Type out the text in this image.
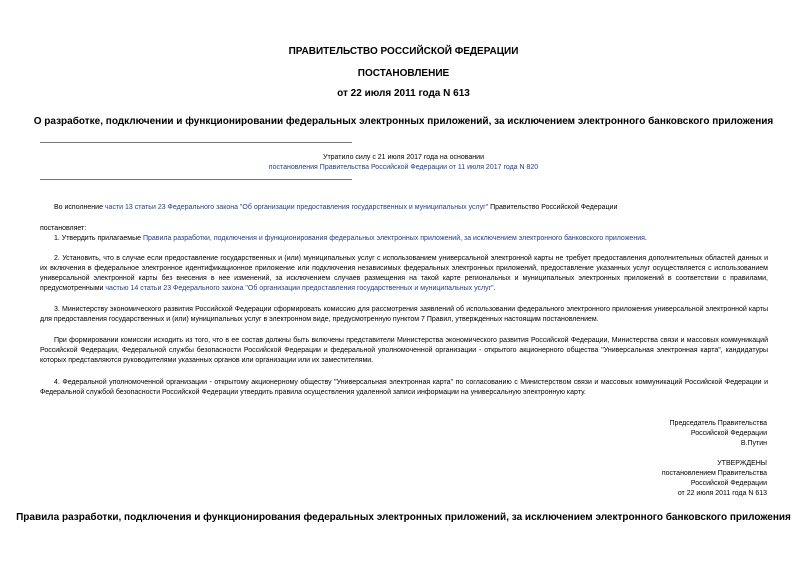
ПРАВИТЕЛЬСТВО РОССИЙСКОЙ ФЕДЕРАЦИИ
ПОСТАНОВЛЕНИЕ
от 22 июля 2011 года N 613
О разработке, подключении и функционировании федеральных электронных приложений, за исключением электронного банковского приложения
Утратило силу с 21 июля 2017 года на основании
постановления Правительства Российской Федерации от 11 июля 2017 года N 820
Во исполнение части 13 статьи 23 Федерального закона "Об организации предоставления государственных и муниципальных услуг" Правительство Российской Федерации
постановляет:
1. Утвердить прилагаемые Правила разработки, подключения и функционирования федеральных электронных приложений, за исключением электронного банковского приложения.
2. Установить, что в случае если предоставление государственных и (или) муниципальных услуг с использованием универсальной электронной карты не требует предоставления дополнительных областей данных и их включения в федеральное электронное идентификационное приложение или подключения независимых федеральных электронных приложений, предоставление указанных услуг осуществляется с использованием универсальной электронной карты без внесения в нее изменений, за исключением случаев размещения на такой карте региональных и муниципальных электронных приложений в соответствии с правилами, предусмотренными частью 14 статьи 23 Федерального закона "Об организации предоставления государственных и муниципальных услуг".
3. Министерству экономического развития Российской Федерации сформировать комиссию для рассмотрения заявлений об использовании федерального электронного приложения универсальной электронной карты для предоставления государственных и (или) муниципальных услуг в электронном виде, предусмотренную пунктом 7 Правил, утвержденных настоящим постановлением.
При формировании комиссии исходить из того, что в ее состав должны быть включены представители Министерства экономического развития Российской Федерации, Министерства связи и массовых коммуникаций Российской Федерации, Федеральной службы безопасности Российской Федерации и федеральной уполномоченной организации - открытого акционерного общества "Универсальная электронная карта", кандидатуры которых представляются руководителями указанных органов или организации или их заместителями.
4. Федеральной уполномоченной организации - открытому акционерному обществу "Универсальная электронная карта" по согласованию с Министерством связи и массовых коммуникаций Российской Федерации и Федеральной службой безопасности Российской Федерации утвердить правила осуществления удаленной записи информации на универсальную электронную карту.
Председатель Правительства
Российской Федерации
В.Путин
УТВЕРЖДЕНЫ
постановлением Правительства
Российской Федерации
от 22 июля 2011 года N 613
Правила разработки, подключения и функционирования федеральных электронных приложений, за исключением электронного банковского приложения
